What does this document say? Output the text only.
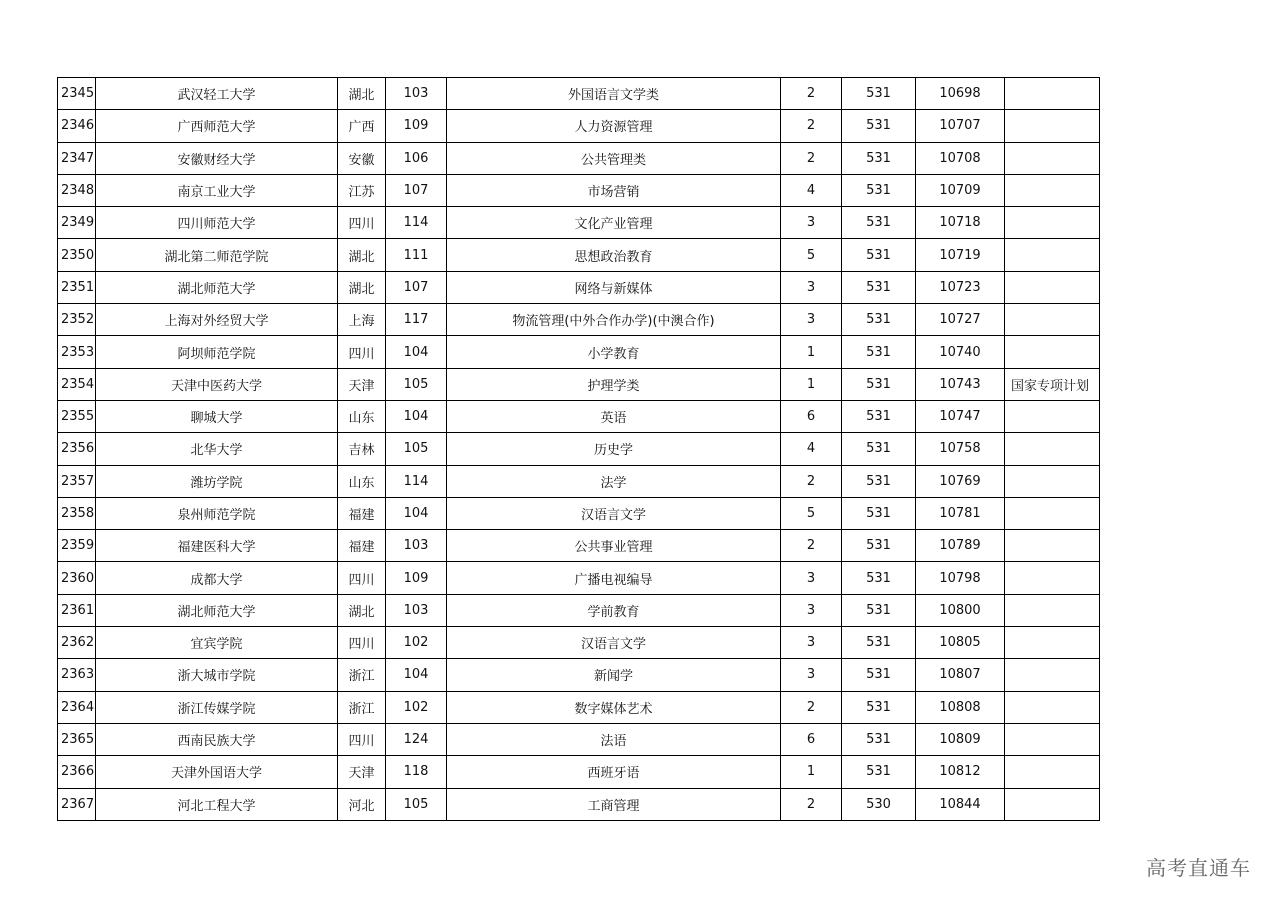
2345	武汉轻工大学	湖北	103	外国语言文学类	2	531	10698	
2346	广西师范大学	广西	109	人力资源管理	2	531	10707	
2347	安徽财经大学	安徽	106	公共管理类	2	531	10708	
2348	南京工业大学	江苏	107	市场营销	4	531	10709	
2349	四川师范大学	四川	114	文化产业管理	3	531	10718	
2350	湖北第二师范学院	湖北	111	思想政治教育	5	531	10719	
2351	湖北师范大学	湖北	107	网络与新媒体	3	531	10723	
2352	上海对外经贸大学	上海	117	物流管理(中外合作办学)(中澳合作)	3	531	10727	
2353	阿坝师范学院	四川	104	小学教育	1	531	10740	
2354	天津中医药大学	天津	105	护理学类	1	531	10743	国家专项计划
2355	聊城大学	山东	104	英语	6	531	10747	
2356	北华大学	吉林	105	历史学	4	531	10758	
2357	潍坊学院	山东	114	法学	2	531	10769	
2358	泉州师范学院	福建	104	汉语言文学	5	531	10781	
2359	福建医科大学	福建	103	公共事业管理	2	531	10789	
2360	成都大学	四川	109	广播电视编导	3	531	10798	
2361	湖北师范大学	湖北	103	学前教育	3	531	10800	
2362	宜宾学院	四川	102	汉语言文学	3	531	10805	
2363	浙大城市学院	浙江	104	新闻学	3	531	10807	
2364	浙江传媒学院	浙江	102	数字媒体艺术	2	531	10808	
2365	西南民族大学	四川	124	法语	6	531	10809	
2366	天津外国语大学	天津	118	西班牙语	1	531	10812	
2367	河北工程大学	河北	105	工商管理	2	530	10844	
高考直通车
